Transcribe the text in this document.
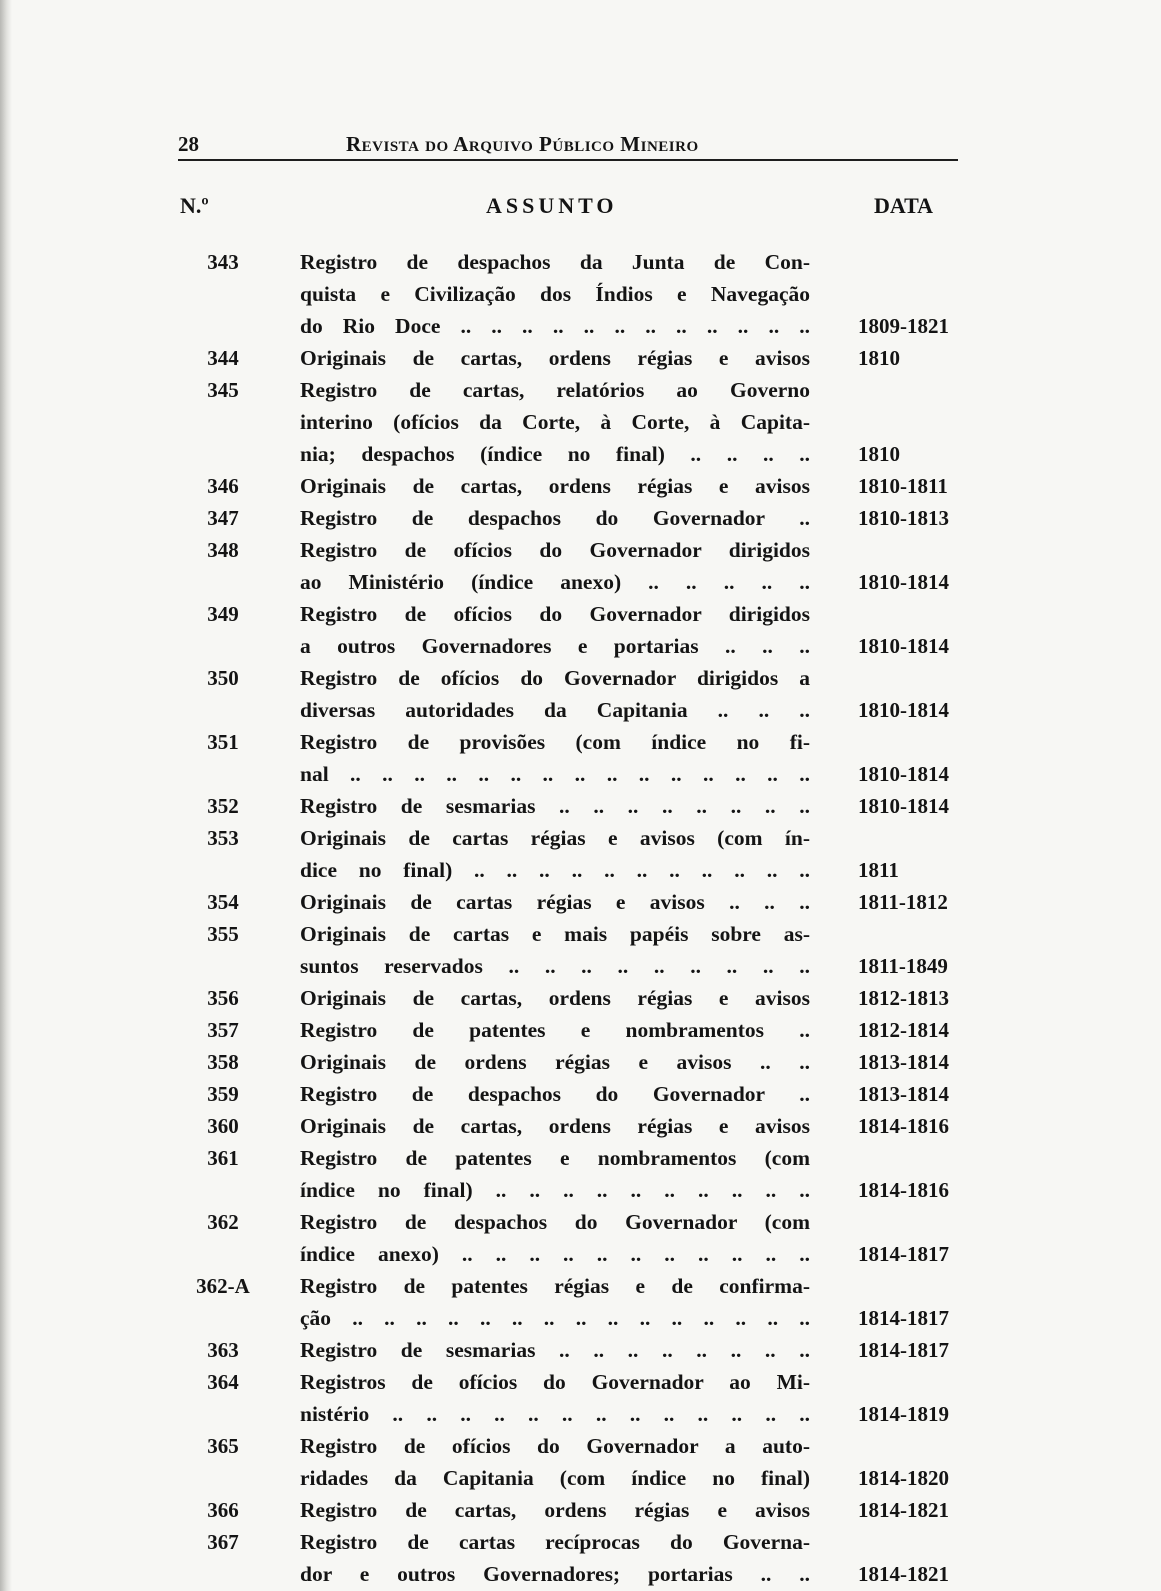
28	Revista do Arquivo Público Mineiro
N.º	ASSUNTO	DATA
343	Registro de despachos da Junta de Con-
quista e Civilização dos Índios e Navegação
do Rio Doce .. .. .. .. .. .. .. .. .. .. .. .. 1809-1821
344	Originais de cartas, ordens régias e avisos 1810
345	Registro de cartas, relatórios ao Governo
interino (ofícios da Corte, à Corte, à Capita-
nia; despachos (índice no final) .. .. .. .. 1810
346	Originais de cartas, ordens régias e avisos 1810-1811
347	Registro de despachos do Governador .. 1810-1813
348	Registro de ofícios do Governador dirigidos
ao Ministério (índice anexo) .. .. .. .. .. 1810-1814
349	Registro de ofícios do Governador dirigidos
a outros Governadores e portarias .. .. .. 1810-1814
350	Registro de ofícios do Governador dirigidos a
diversas autoridades da Capitania .. .. .. 1810-1814
351	Registro de provisões (com índice no fi-
nal .. .. .. .. .. .. .. .. .. .. .. .. .. .. .. 1810-1814
352	Registro de sesmarias .. .. .. .. .. .. .. .. 1810-1814
353	Originais de cartas régias e avisos (com ín-
dice no final) .. .. .. .. .. .. .. .. .. .. .. 1811
354	Originais de cartas régias e avisos .. .. .. 1811-1812
355	Originais de cartas e mais papéis sobre as-
suntos reservados .. .. .. .. .. .. .. .. .. 1811-1849
356	Originais de cartas, ordens régias e avisos 1812-1813
357	Registro de patentes e nombramentos .. 1812-1814
358	Originais de ordens régias e avisos .. .. 1813-1814
359	Registro de despachos do Governador .. 1813-1814
360	Originais de cartas, ordens régias e avisos 1814-1816
361	Registro de patentes e nombramentos (com
índice no final) .. .. .. .. .. .. .. .. .. .. 1814-1816
362	Registro de despachos do Governador (com
índice anexo) .. .. .. .. .. .. .. .. .. .. .. 1814-1817
362-A	Registro de patentes régias e de confirma-
ção .. .. .. .. .. .. .. .. .. .. .. .. .. .. .. 1814-1817
363	Registro de sesmarias .. .. .. .. .. .. .. .. 1814-1817
364	Registros de ofícios do Governador ao Mi-
nistério .. .. .. .. .. .. .. .. .. .. .. .. .. 1814-1819
365	Registro de ofícios do Governador a auto-
ridades da Capitania (com índice no final) 1814-1820
366	Registro de cartas, ordens régias e avisos 1814-1821
367	Registro de cartas recíprocas do Governa-
dor e outros Governadores; portarias .. .. 1814-1821
